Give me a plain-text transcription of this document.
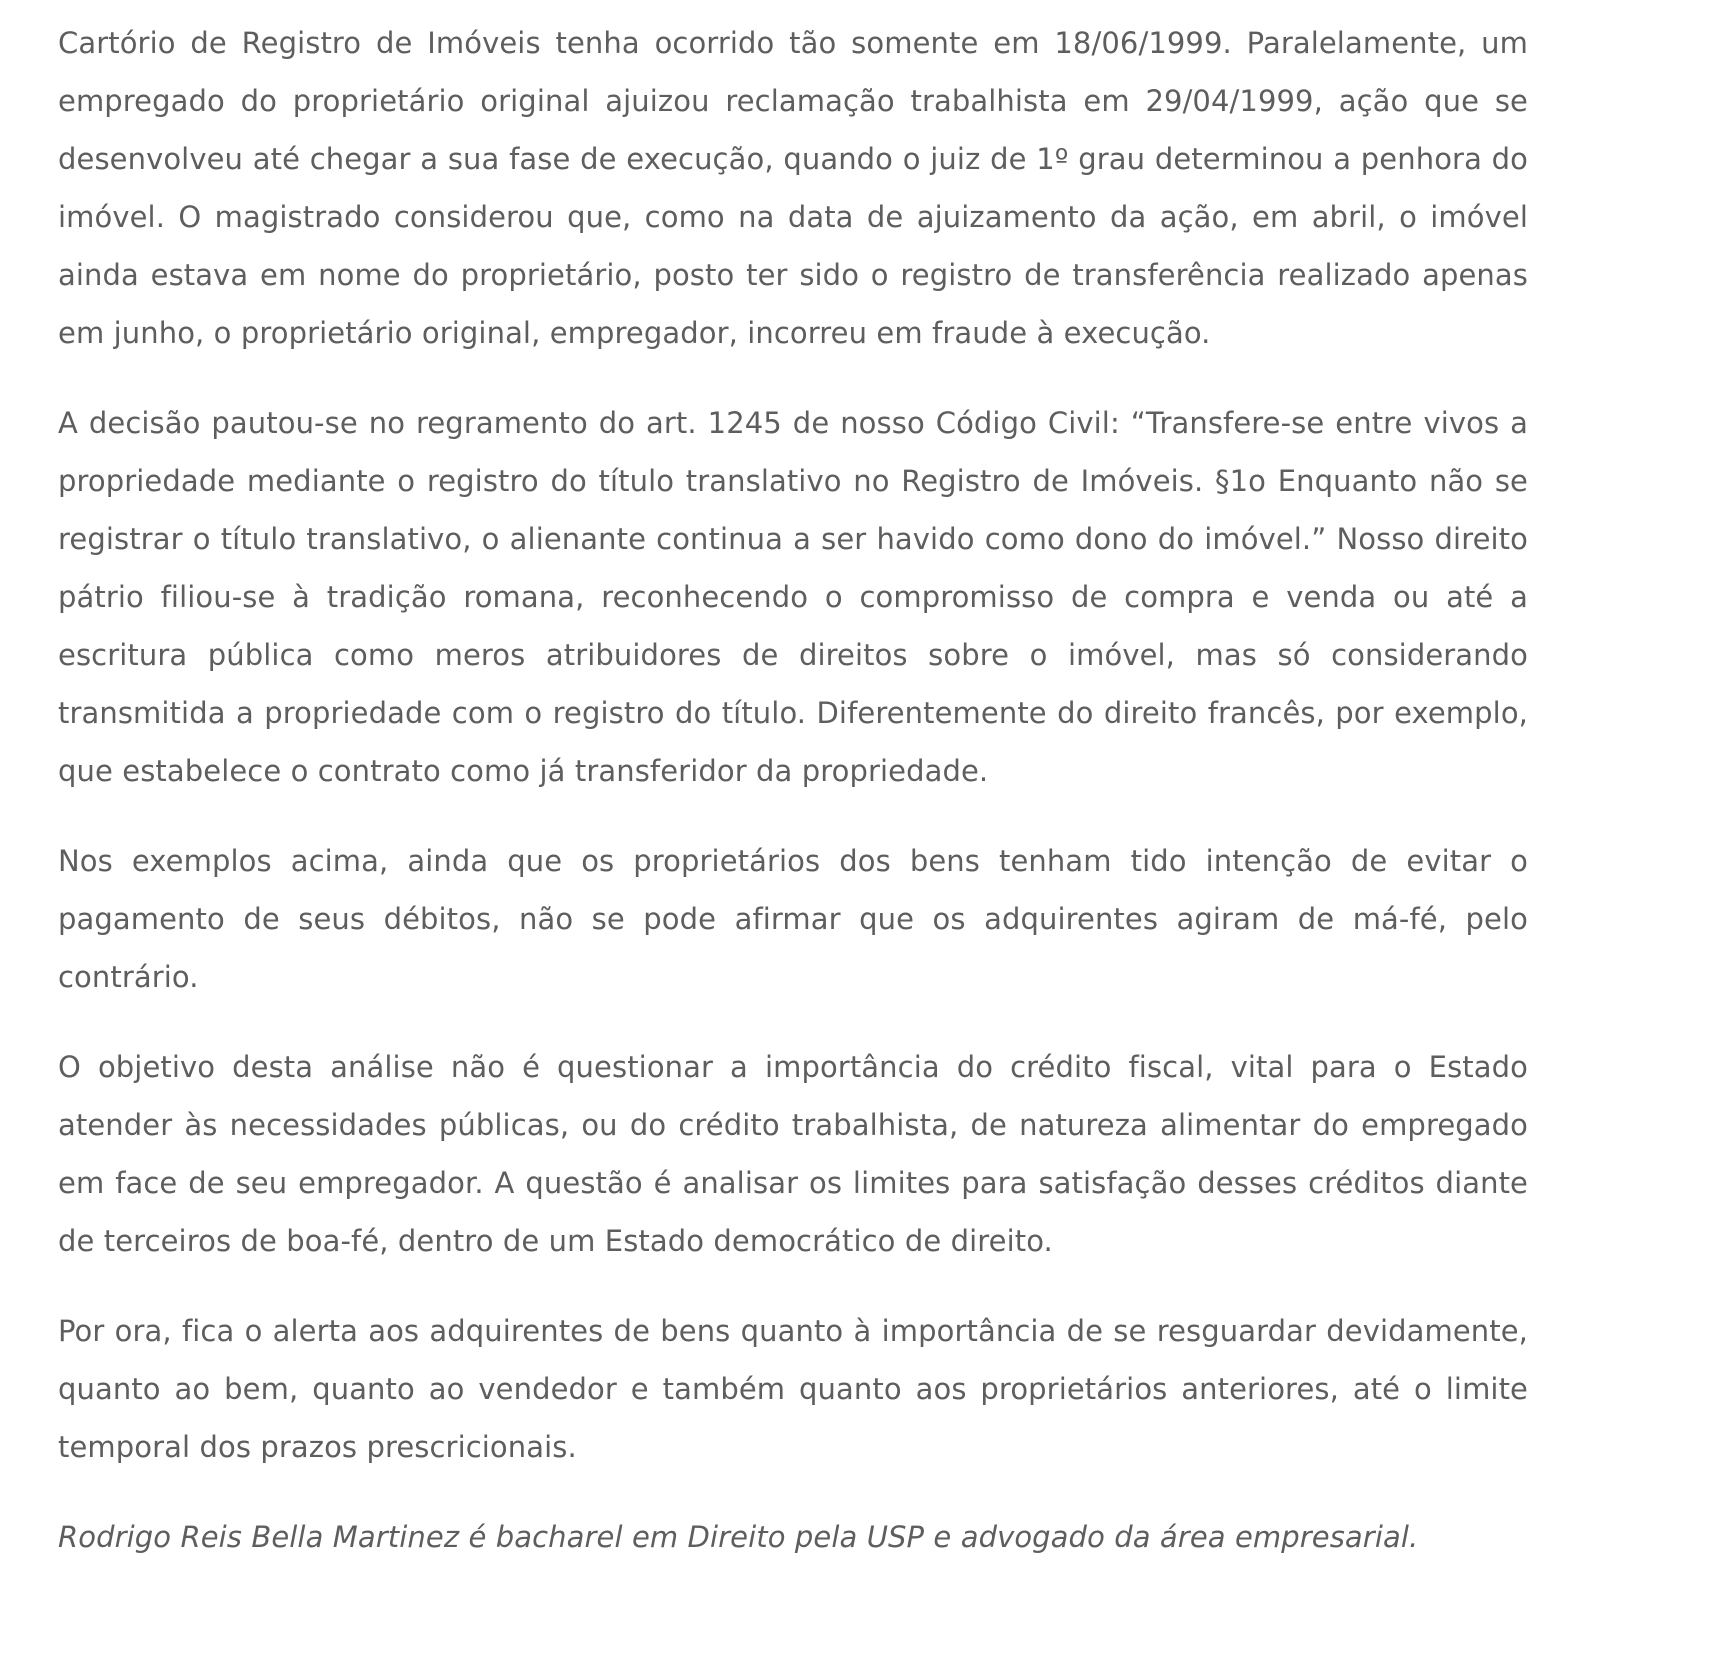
Cartório de Registro de Imóveis tenha ocorrido tão somente em 18/06/1999. Paralelamente, um empregado do proprietário original ajuizou reclamação trabalhista em 29/04/1999, ação que se desenvolveu até chegar a sua fase de execução, quando o juiz de 1º grau determinou a penhora do imóvel. O magistrado considerou que, como na data de ajuizamento da ação, em abril, o imóvel ainda estava em nome do proprietário, posto ter sido o registro de transferência realizado apenas em junho, o proprietário original, empregador, incorreu em fraude à execução.

A decisão pautou-se no regramento do art. 1245 de nosso Código Civil: “Transfere-se entre vivos a propriedade mediante o registro do título translativo no Registro de Imóveis. §1o Enquanto não se registrar o título translativo, o alienante continua a ser havido como dono do imóvel.” Nosso direito pátrio filiou-se à tradição romana, reconhecendo o compromisso de compra e venda ou até a escritura pública como meros atribuidores de direitos sobre o imóvel, mas só considerando transmitida a propriedade com o registro do título. Diferentemente do direito francês, por exemplo, que estabelece o contrato como já transferidor da propriedade.

Nos exemplos acima, ainda que os proprietários dos bens tenham tido intenção de evitar o pagamento de seus débitos, não se pode afirmar que os adquirentes agiram de má-fé, pelo contrário.

O objetivo desta análise não é questionar a importância do crédito fiscal, vital para o Estado atender às necessidades públicas, ou do crédito trabalhista, de natureza alimentar do empregado em face de seu empregador. A questão é analisar os limites para satisfação desses créditos diante de terceiros de boa-fé, dentro de um Estado democrático de direito.

Por ora, fica o alerta aos adquirentes de bens quanto à importância de se resguardar devidamente, quanto ao bem, quanto ao vendedor e também quanto aos proprietários anteriores, até o limite temporal dos prazos prescricionais.

Rodrigo Reis Bella Martinez é bacharel em Direito pela USP e advogado da área empresarial.
